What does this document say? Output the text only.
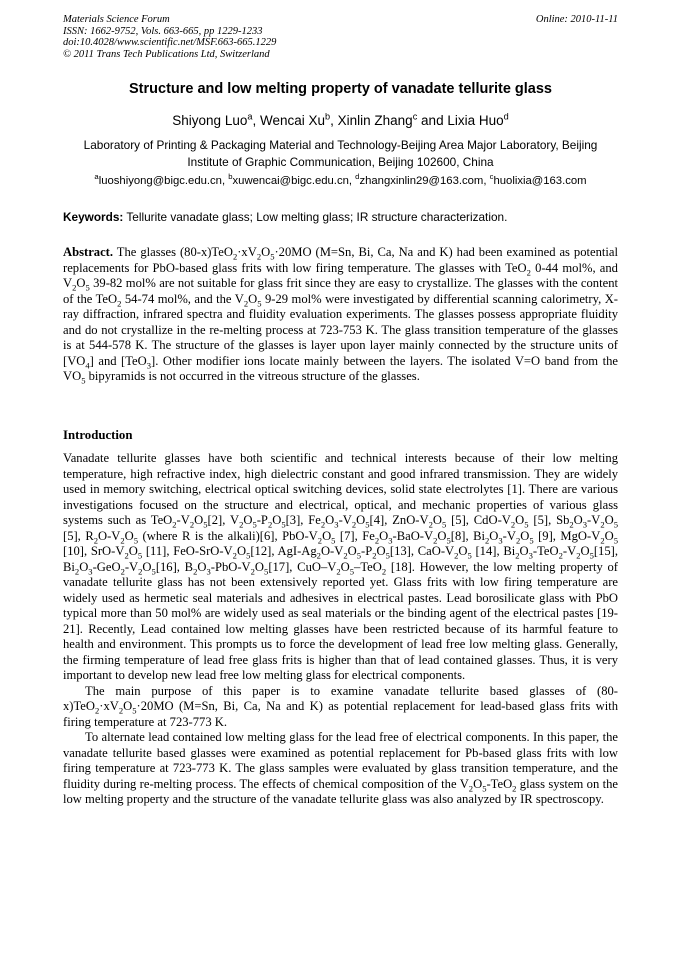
Materials Science Forum
ISSN: 1662-9752, Vols. 663-665, pp 1229-1233
doi:10.4028/www.scientific.net/MSF.663-665.1229
© 2011 Trans Tech Publications Ltd, Switzerland
Online: 2010-11-11
Structure and low melting property of vanadate tellurite glass
Shiyong Luo$^a$, Wencai Xu$^b$, Xinlin Zhang$^c$ and Lixia Huo$^d$
Laboratory of Printing & Packaging Material and Technology-Beijing Area Major Laboratory, Beijing
Institute of Graphic Communication, Beijing 102600, China
$^a$luoshiyong@bigc.edu.cn, $^b$xuwencai@bigc.edu.cn, $^d$zhangxinlin29@163.com, $^c$huolixia@163.com
Keywords: Tellurite vanadate glass; Low melting glass; IR structure characterization.

Abstract. The glasses $(80-x)TeO_2\cdot xV_2O_5\cdot 20MO$ (M=Sn, Bi, Ca, Na and K) had been examined as potential replacements for PbO-based glass frits with low firing temperature. The glasses with TeO$_2$ 0-44 mol%, and $V_2O_5$ 39-82 mol% are not suitable for glass frit since they are easy to crystallize. The glasses with the content of the TeO$_2$ 54-74 mol%, and the $V_2O_5$ 9-29 mol% were investigated by differential scanning calorimetry, X-ray diffraction, infrared spectra and fluidity evaluation experiments. The glasses possess appropriate fluidity and do not crystallize in the re-melting process at 723-753 K. The glass transition temperature of the glasses is at 544-578 K. The structure of the glasses is layer upon layer mainly connected by the structure units of $[VO_4]$ and [TeO$_3$]. Other modifier ions locate mainly between the layers. The isolated V=O band from the $VO_5$ bipyramids is not occurred in the vitreous structure of the glasses.

Introduction

Vanadate tellurite glasses have both scientific and technical interests because of their low melting temperature, high refractive index, high dielectric constant and good infrared transmission. They are widely used in memory switching, electrical optical switching devices, solid state electrolytes [1]. There are various investigations focused on the structure and electrical, optical, and mechanic properties of various glass systems such as $TeO_2-V_2O_5[2]$, $V_2O_5-P_2O_5[3]$, $Fe_2O_3-V_2O_5[4]$, ZnO-$V_2O_5$ [5], CdO-$V_2O_5$ [5], $Sb_2O_3-V_2O_5$ [5], $R_2O-V_2O_5$ (where R is the alkali)[6], PbO-$V_2O_5$ [7], $Fe_2O_3-BaO-V_2O_5[8]$, $Bi_2O_3-V_2O_5$ [9], MgO-$V_2O_5$ [10], SrO-$V_2O_5$ [11], FeO-$SrO-V_2O_5[12]$, AgI-$Ag_2O-V_2O_5-P_2O_5[13]$, CaO-$V_2O_5$ [14], $Bi_2O_3-TeO_2-V_2O_5[15]$, $Bi_2O_3-GeO_2-V_2O_5[16]$, $B_2O_3-PbO-V_2O_5[17]$, CuO–$V_2O_5-TeO_2$ [18]. However, the low melting property of vanadate tellurite glass has not been extensively reported yet. Glass frits with low firing temperature are widely used as hermetic seal materials and adhesives in electrical pastes. Lead borosilicate glass with PbO typical more than 50 mol% are widely used as seal materials or the binding agent of the electrical pastes [19-21]. Recently, Lead contained low melting glasses have been restricted because of its harmful feature to health and environment. This prompts us to force the development of lead free low melting glass. Generally, the firming temperature of lead free glass frits is higher than that of lead contained glasses. Thus, it is very important to develop new lead free low melting glass for electrical components.

The main purpose of this paper is to examine vanadate tellurite based glasses of $(80-x)TeO_2\cdot xV_2O_5\cdot 20MO$ (M=Sn, Bi, Ca, Na and K) as potential replacement for lead-based glass frits with firing temperature at 723-773 K.

To alternate lead contained low melting glass for the lead free of electrical components. In this paper, the vanadate tellurite based glasses were examined as potential replacement for Pb-based glass frits with low firing temperature at 723-773 K. The glass samples were evaluated by glass transition temperature, and the fluidity during re-melting process. The effects of chemical composition of the $V_2O_5-TeO_2$ glass system on the low melting property and the structure of the vanadate tellurite glass was also analyzed by IR spectroscopy.
